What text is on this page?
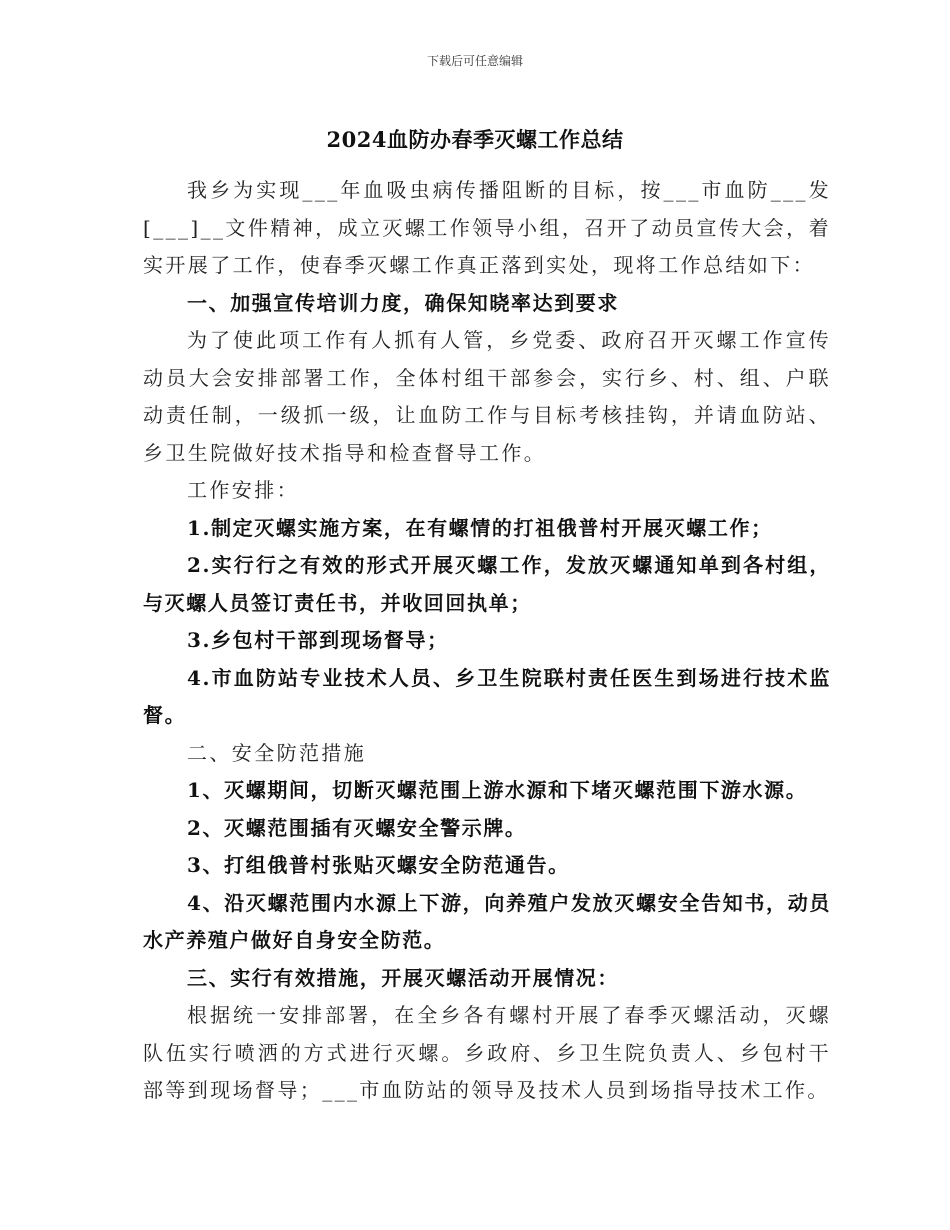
下载后可任意编辑
2024血防办春季灭螺工作总结

我乡为实现___年血吸虫病传播阻断的目标，按___市血防___发[___]__文件精神，成立灭螺工作领导小组，召开了动员宣传大会，着实开展了工作，使春季灭螺工作真正落到实处，现将工作总结如下：

一、加强宣传培训力度，确保知晓率达到要求

为了使此项工作有人抓有人管，乡党委、政府召开灭螺工作宣传动员大会安排部署工作，全体村组干部参会，实行乡、村、组、户联动责任制，一级抓一级，让血防工作与目标考核挂钩，并请血防站、乡卫生院做好技术指导和检查督导工作。

工作安排：

1.制定灭螺实施方案，在有螺情的打祖俄普村开展灭螺工作；

2.实行行之有效的形式开展灭螺工作，发放灭螺通知单到各村组，与灭螺人员签订责任书，并收回回执单；

3.乡包村干部到现场督导；

4.市血防站专业技术人员、乡卫生院联村责任医生到场进行技术监督。

二、安全防范措施

1、灭螺期间，切断灭螺范围上游水源和下堵灭螺范围下游水源。

2、灭螺范围插有灭螺安全警示牌。

3、打组俄普村张贴灭螺安全防范通告。

4、沿灭螺范围内水源上下游，向养殖户发放灭螺安全告知书，动员水产养殖户做好自身安全防范。

三、实行有效措施，开展灭螺活动开展情况：

根据统一安排部署，在全乡各有螺村开展了春季灭螺活动，灭螺队伍实行喷洒的方式进行灭螺。乡政府、乡卫生院负责人、乡包村干部等到现场督导；___市血防站的领导及技术人员到场指导技术工作。
